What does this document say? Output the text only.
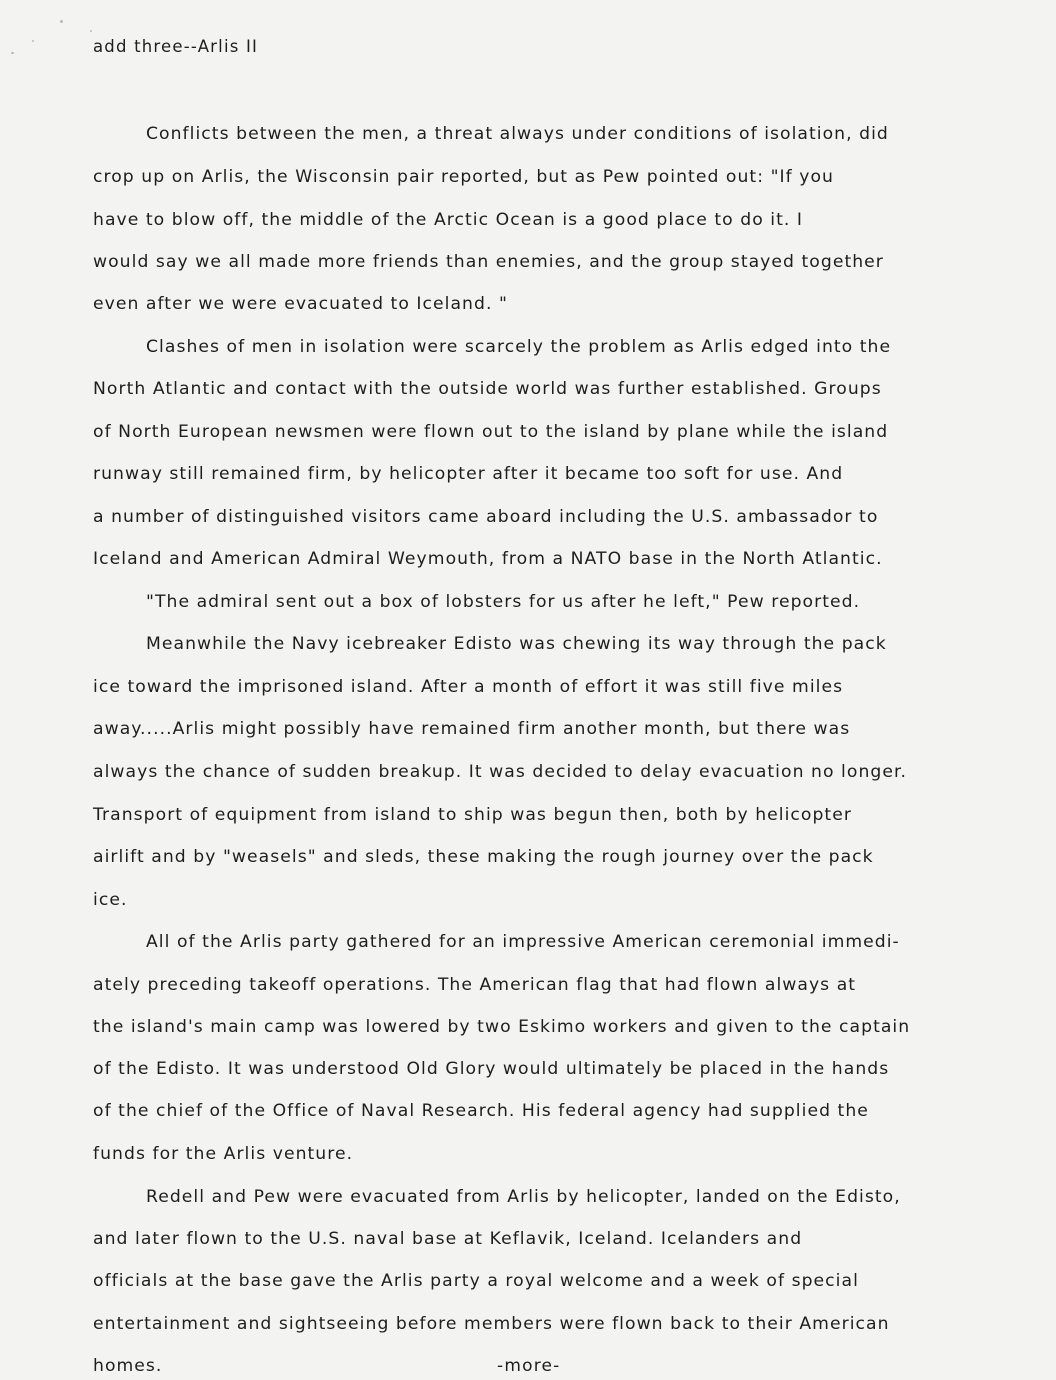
add three--Arlis II
Conflicts between the men, a threat always under conditions of isolation, did
crop up on Arlis, the Wisconsin pair reported, but as Pew pointed out: "If you
have to blow off, the middle of the Arctic Ocean is a good place to do it. I
would say we all made more friends than enemies, and the group stayed together
even after we were evacuated to Iceland. "
Clashes of men in isolation were scarcely the problem as Arlis edged into the
North Atlantic and contact with the outside world was further established. Groups
of North European newsmen were flown out to the island by plane while the island
runway still remained firm, by helicopter after it became too soft for use. And
a number of distinguished visitors came aboard including the U.S. ambassador to
Iceland and American Admiral Weymouth, from a NATO base in the North Atlantic.
"The admiral sent out a box of lobsters for us after he left," Pew reported.
Meanwhile the Navy icebreaker Edisto was chewing its way through the pack
ice toward the imprisoned island. After a month of effort it was still five miles
away.....Arlis might possibly have remained firm another month, but there was
always the chance of sudden breakup. It was decided to delay evacuation no longer.
Transport of equipment from island to ship was begun then, both by helicopter
airlift and by "weasels" and sleds, these making the rough journey over the pack
ice.
All of the Arlis party gathered for an impressive American ceremonial immedi-
ately preceding takeoff operations. The American flag that had flown always at
the island's main camp was lowered by two Eskimo workers and given to the captain
of the Edisto. It was understood Old Glory would ultimately be placed in the hands
of the chief of the Office of Naval Research. His federal agency had supplied the
funds for the Arlis venture.
Redell and Pew were evacuated from Arlis by helicopter, landed on the Edisto,
and later flown to the U.S. naval base at Keflavik, Iceland. Icelanders and
officials at the base gave the Arlis party a royal welcome and a week of special
entertainment and sightseeing before members were flown back to their American
homes.	-more-
